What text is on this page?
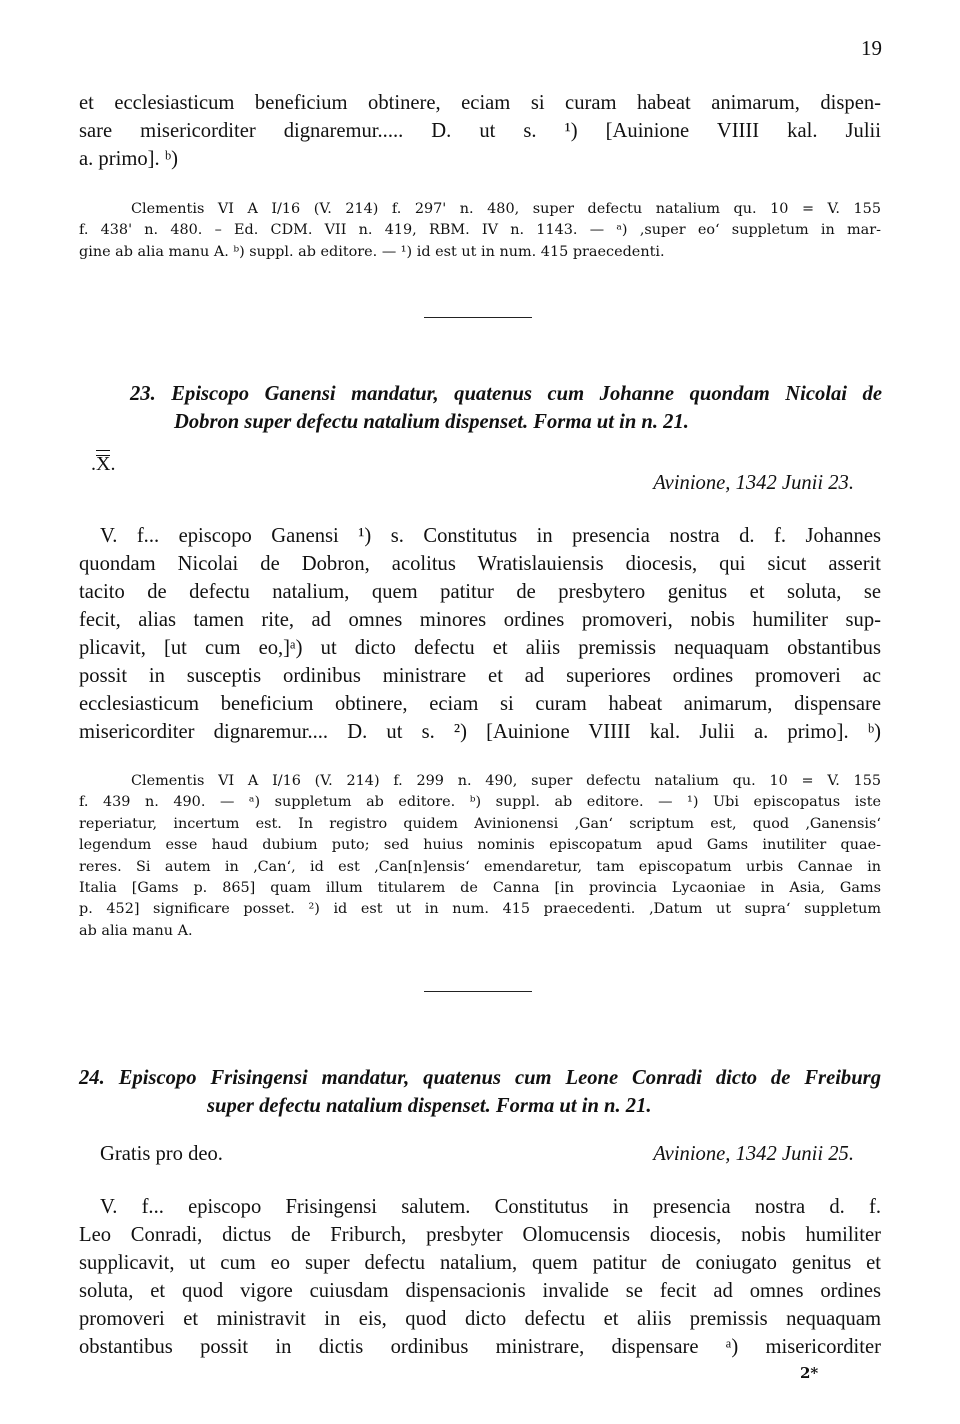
19
et ecclesiasticum beneficium obtinere, eciam si curam habeat animarum, dispen-
sare misericorditer dignaremur..... D. ut s. ¹) [Auinione VIIII kal. Julii
a. primo]. ᵇ)
Clementis VI A I/16 (V. 214) f. 297' n. 480, super defectu natalium qu. 10 = V. 155
f. 438' n. 480. – Ed. CDM. VII n. 419, RBM. IV n. 1143. — ᵃ) ‚super eo‘ suppletum in mar-
gine ab alia manu A. ᵇ) suppl. ab editore. — ¹) id est ut in num. 415 praecedenti.
23. Episcopo Ganensi mandatur, quatenus cum Johanne quondam Nicolai de
Dobron super defectu natalium dispenset. Forma ut in n. 21.
.
X.
Avinione, 1342 Junii 23.
V. f... episcopo Ganensi ¹) s. Constitutus in presencia nostra d. f. Johannes
quondam Nicolai de Dobron, acolitus Wratislauiensis diocesis, qui sicut asserit
tacito de defectu natalium, quem patitur de presbytero genitus et soluta, se
fecit, alias tamen rite, ad omnes minores ordines promoveri, nobis humiliter sup-
plicavit, [ut cum eo,]ᵃ) ut dicto defectu et aliis premissis nequaquam obstantibus
possit in susceptis ordinibus ministrare et ad superiores ordines promoveri ac
ecclesiasticum beneficium obtinere, eciam si curam habeat animarum, dispensare
misericorditer dignaremur.... D. ut s. ²) [Auinione VIIII kal. Julii a. primo]. ᵇ)
Clementis VI A I/16 (V. 214) f. 299 n. 490, super defectu natalium qu. 10 = V. 155
f. 439 n. 490. — ᵃ) suppletum ab editore. ᵇ) suppl. ab editore. — ¹) Ubi episcopatus iste
reperiatur, incertum est. In registro quidem Avinionensi ‚Gan‘ scriptum est, quod ‚Ganensis‘
legendum esse haud dubium puto; sed huius nominis episcopatum apud Gams inutiliter quae-
reres. Si autem in ‚Can‘, id est ‚Can[n]ensis‘ emendaretur, tam episcopatum urbis Cannae in
Italia [Gams p. 865] quam illum titularem de Canna [in provincia Lycaoniae in Asia, Gams
p. 452] significare posset. ²) id est ut in num. 415 praecedenti. ‚Datum ut supra‘ suppletum
ab alia manu A.
24. Episcopo Frisingensi mandatur, quatenus cum Leone Conradi dicto de Freiburg
super defectu natalium dispenset. Forma ut in n. 21.
Gratis pro deo.	Avinione, 1342 Junii 25.
V. f... episcopo Frisingensi salutem. Constitutus in presencia nostra d. f.
Leo Conradi, dictus de Friburch, presbyter Olomucensis diocesis, nobis humiliter
supplicavit, ut cum eo super defectu natalium, quem patitur de coniugato genitus et
soluta, et quod vigore cuiusdam dispensacionis invalide se fecit ad omnes ordines
promoveri et ministravit in eis, quod dicto defectu et aliis premissis nequaquam
obstantibus possit in dictis ordinibus ministrare, dispensare ᵃ) misericorditer
2*
